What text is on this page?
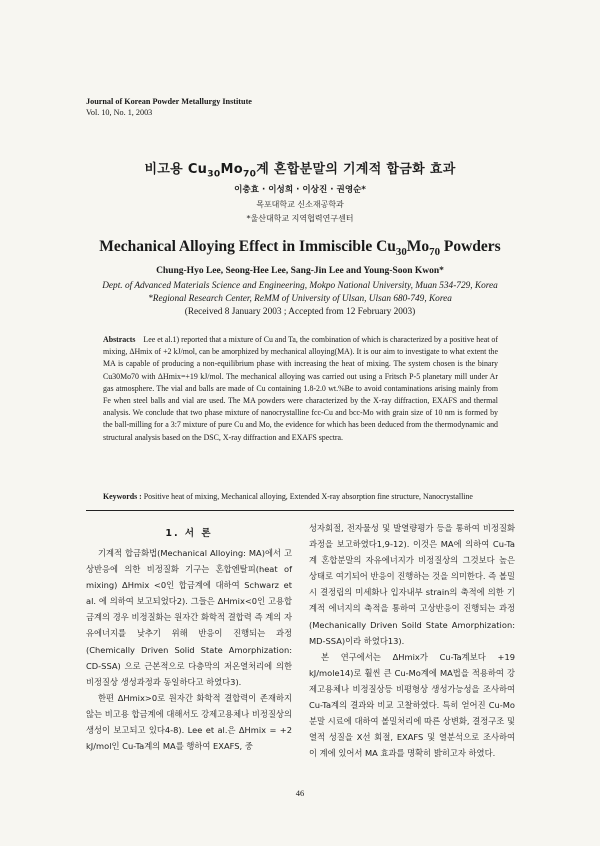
Journal of Korean Powder Metallurgy Institute
Vol. 10, No. 1, 2003
비고용 $Cu_{30}Mo_{70}$계 혼합분말의 기계적 합금화 효과
이충효 · 이성희 · 이상진 · 권영순*
목포대학교 신소재공학과
*울산대학교 지역협력연구센터
Mechanical Alloying Effect in Immiscible $Cu_{30}Mo_{70}$ Powders
Chung-Hyo Lee, Seong-Hee Lee, Sang-Jin Lee and Young-Soon Kwon*
Dept. of Advanced Materials Science and Engineering, Mokpo National University, Muan 534-729, Korea
*Regional Research Center, ReMM of University of Ulsan, Ulsan 680-749, Korea
(Received 8 January 2003 ; Accepted from 12 February 2003)
Abstracts Lee et al.1) reported that a mixture of Cu and Ta, the combination of which is characterized by a positive heat of mixing, ΔHmix of +2 kJ/mol, can be amorphized by mechanical alloying(MA). It is our aim to investigate to what extent the MA is capable of producing a non-equilibrium phase with increasing the heat of mixing. The system chosen is the binary Cu30Mo70 with ΔHmix=+19 kJ/mol. The mechanical alloying was carried out using a Fritsch P-5 planetary mill under Ar gas atmosphere. The vial and balls are made of Cu containing 1.8-2.0 wt.%Be to avoid contaminations arising mainly from Fe when steel balls and vial are used. The MA powders were characterized by the X-ray diffraction, EXAFS and thermal analysis. We conclude that two phase mixture of nanocrystalline fcc-Cu and bcc-Mo with grain size of 10 nm is formed by the ball-milling for a 3:7 mixture of pure Cu and Mo, the evidence for which has been deduced from the thermodynamic and structural analysis based on the DSC, X-ray diffraction and EXAFS spectra.
Keywords : Positive heat of mixing, Mechanical alloying, Extended X-ray absorption fine structure, Nanocrystalline
1. 서 론

기계적 합금화법(Mechanical Alloying: MA)에서 고상반응에 의한 비정질화 기구는 혼합엔탈피(heat of mixing) ΔHmix <0인 합금계에 대하여 Schwarz et al. 에 의하여 보고되었다2). 그들은 ΔHmix<0인 고용합금계의 경우 비정질화는 원자간 화학적 결합력 즉 계의 자유에너지를 낮추기 위해 반응이 진행되는 과정(Chemically Driven Solid State Amorphization: CD-SSA) 으로 근본적으로 다층막의 저온열처리에 의한 비정질상 생성과정과 동일하다고 하였다3).

한편 ΔHmix>0로 원자간 화학적 결합력이 존재하지 않는 비고용 합금계에 대해서도 강제고용체나 비정질상의 생성이 보고되고 있다4-8). Lee et al.은 ΔHmix = +2 kJ/mol인 Cu-Ta계의 MA를 행하여 EXAFS, 중

성자회절, 전자물성 및 발열량평가 등을 통하여 비정질화 과정을 보고하였다1,9-12). 이것은 MA에 의하여 Cu-Ta계 혼합분말의 자유에너지가 비정질상의 그것보다 높은 상태로 여기되어 반응이 진행하는 것을 의미한다. 즉 볼밀시 결정립의 미세화나 입자내부 strain의 축적에 의한 기계적 에너지의 축적을 통하여 고상반응이 진행되는 과정(Mechanically Driven Soild State Amorphization: MD-SSA)이라 하였다13).

본 연구에서는 ΔHmix가 Cu-Ta계보다 +19 kJ/mole14)로 훨씬 큰 Cu-Mo계에 MA법을 적용하여 강제고용체나 비정질상등 비평형상 생성가능성을 조사하여 Cu-Ta계의 결과와 비교 고찰하였다. 특히 얻어진 Cu-Mo 분말 시료에 대하여 볼밀처리에 따른 상변화, 결정구조 및 열적 성질을 X선 회절, EXAFS 및 열분석으로 조사하여 이 계에 있어서 MA 효과를 명확히 밝히고자 하였다.

46
